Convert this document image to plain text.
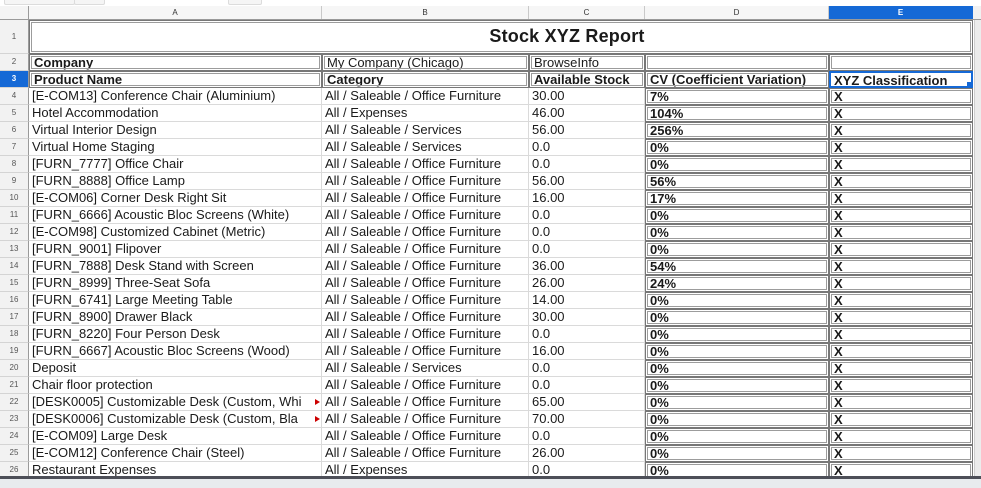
A	B	C	D	E
1	Stock XYZ Report
2	Company	My Company (Chicago)	BrowseInfo
3	Product Name	Category	Available Stock	CV (Coefficient Variation)	XYZ Classification
4	[E-COM13] Conference Chair (Aluminium)	All / Saleable / Office Furniture	30.00	7%	X
5	Hotel Accommodation	All / Expenses	46.00	104%	X
6	Virtual Interior Design	All / Saleable / Services	56.00	256%	X
7	Virtual Home Staging	All / Saleable / Services	0.0	0%	X
8	[FURN_7777] Office Chair	All / Saleable / Office Furniture	0.0	0%	X
9	[FURN_8888] Office Lamp	All / Saleable / Office Furniture	56.00	56%	X
10	[E-COM06] Corner Desk Right Sit	All / Saleable / Office Furniture	16.00	17%	X
11	[FURN_6666] Acoustic Bloc Screens (White)	All / Saleable / Office Furniture	0.0	0%	X
12	[E-COM98] Customized Cabinet (Metric)	All / Saleable / Office Furniture	0.0	0%	X
13	[FURN_9001] Flipover	All / Saleable / Office Furniture	0.0	0%	X
14	[FURN_7888] Desk Stand with Screen	All / Saleable / Office Furniture	36.00	54%	X
15	[FURN_8999] Three-Seat Sofa	All / Saleable / Office Furniture	26.00	24%	X
16	[FURN_6741] Large Meeting Table	All / Saleable / Office Furniture	14.00	0%	X
17	[FURN_8900] Drawer Black	All / Saleable / Office Furniture	30.00	0%	X
18	[FURN_8220] Four Person Desk	All / Saleable / Office Furniture	0.0	0%	X
19	[FURN_6667] Acoustic Bloc Screens (Wood)	All / Saleable / Office Furniture	16.00	0%	X
20	Deposit	All / Saleable / Services	0.0	0%	X
21	Chair floor protection	All / Saleable / Office Furniture	0.0	0%	X
22	[DESK0005] Customizable Desk (Custom, Whi	All / Saleable / Office Furniture	65.00	0%	X
23	[DESK0006] Customizable Desk (Custom, Bla	All / Saleable / Office Furniture	70.00	0%	X
24	[E-COM09] Large Desk	All / Saleable / Office Furniture	0.0	0%	X
25	[E-COM12] Conference Chair (Steel)	All / Saleable / Office Furniture	26.00	0%	X
26	Restaurant Expenses	All / Expenses	0.0	0%	X
